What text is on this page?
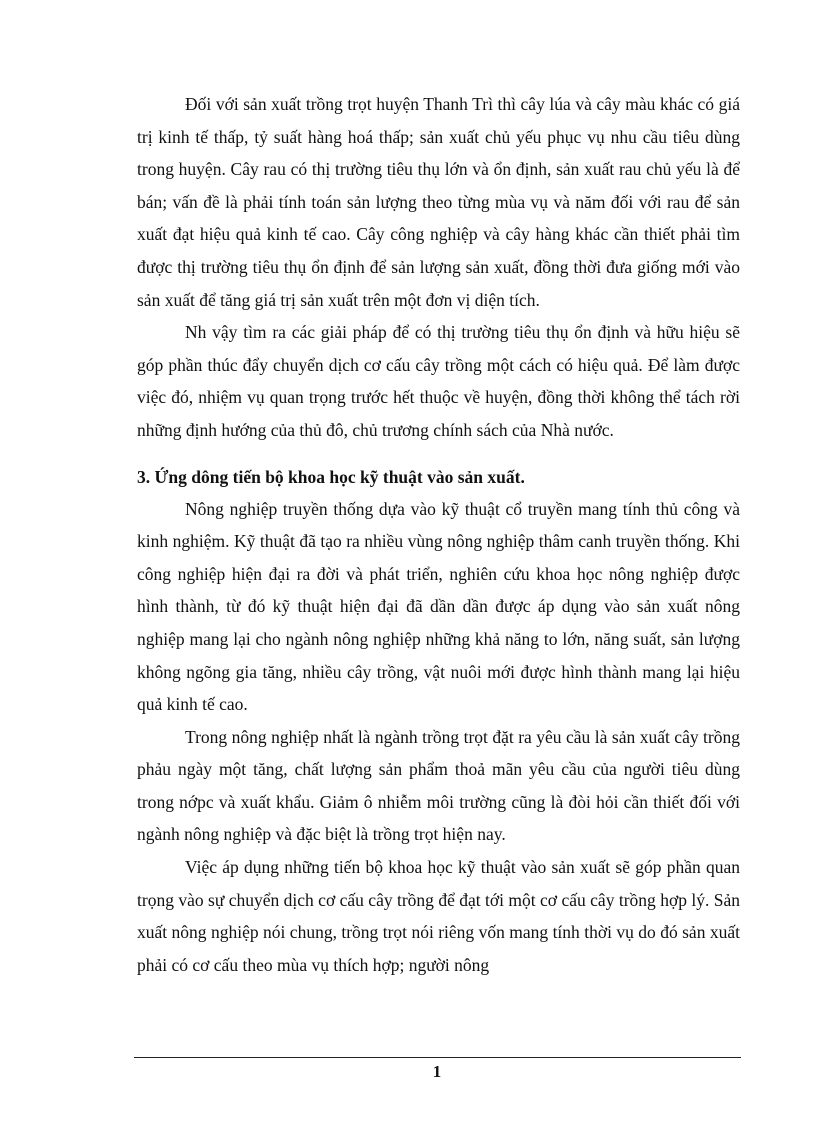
Đối với sản xuất trồng trọt huyện Thanh Trì thì cây lúa và cây màu khác có giá trị kinh tế thấp, tỷ suất hàng hoá thấp; sản xuất chủ yếu phục vụ nhu cầu tiêu dùng trong huyện. Cây rau có thị trường tiêu thụ lớn và ổn định, sản xuất rau chủ yếu là để bán; vấn đề là phải tính toán sản lượng theo từng mùa vụ và năm đối với rau để sản xuất đạt hiệu quả kinh tế cao. Cây công nghiệp và cây hàng khác cần thiết phải tìm được thị trường tiêu thụ ổn định để sản lượng sản xuất, đồng thời đưa giống mới vào sản xuất để tăng giá trị sản xuất trên một đơn vị diện tích.

Nh vậy tìm ra các giải pháp để có thị trường tiêu thụ ổn định và hữu hiệu sẽ góp phần thúc đẩy chuyển dịch cơ cấu cây trồng một cách có hiệu quả. Để làm được việc đó, nhiệm vụ quan trọng trước hết thuộc về huyện, đồng thời không thể tách rời những định hướng của thủ đô, chủ trương chính sách của Nhà nước.

3. Ứng dông tiến bộ khoa học kỹ thuật vào sản xuất.

Nông nghiệp truyền thống dựa vào kỹ thuật cổ truyền mang tính thủ công và kinh nghiệm. Kỹ thuật đã tạo ra nhiều vùng nông nghiệp thâm canh truyền thống. Khi công nghiệp hiện đại ra đời và phát triển, nghiên cứu khoa học nông nghiệp được hình thành, từ đó kỹ thuật hiện đại đã dần dần được áp dụng vào sản xuất nông nghiệp mang lại cho ngành nông nghiệp những khả năng to lớn, năng suất, sản lượng không ngõng gia tăng, nhiều cây trồng, vật nuôi mới được hình thành mang lại hiệu quả kinh tế cao.

Trong nông nghiệp nhất là ngành trồng trọt đặt ra yêu cầu là sản xuất cây trồng phảu ngày một tăng, chất lượng sản phẩm thoả mãn yêu cầu của người tiêu dùng trong nớpc và xuất khẩu. Giảm ô nhiễm môi trường cũng là đòi hỏi cần thiết đối với ngành nông nghiệp và đặc biệt là trồng trọt hiện nay.

Việc áp dụng những tiến bộ khoa học kỹ thuật vào sản xuất sẽ góp phần quan trọng vào sự chuyển dịch cơ cấu cây trồng để đạt tới một cơ cấu cây trồng hợp lý. Sản xuất nông nghiệp nói chung, trồng trọt nói riêng vốn mang tính thời vụ do đó sản xuất phải có cơ cấu theo mùa vụ thích hợp; người nông

1
